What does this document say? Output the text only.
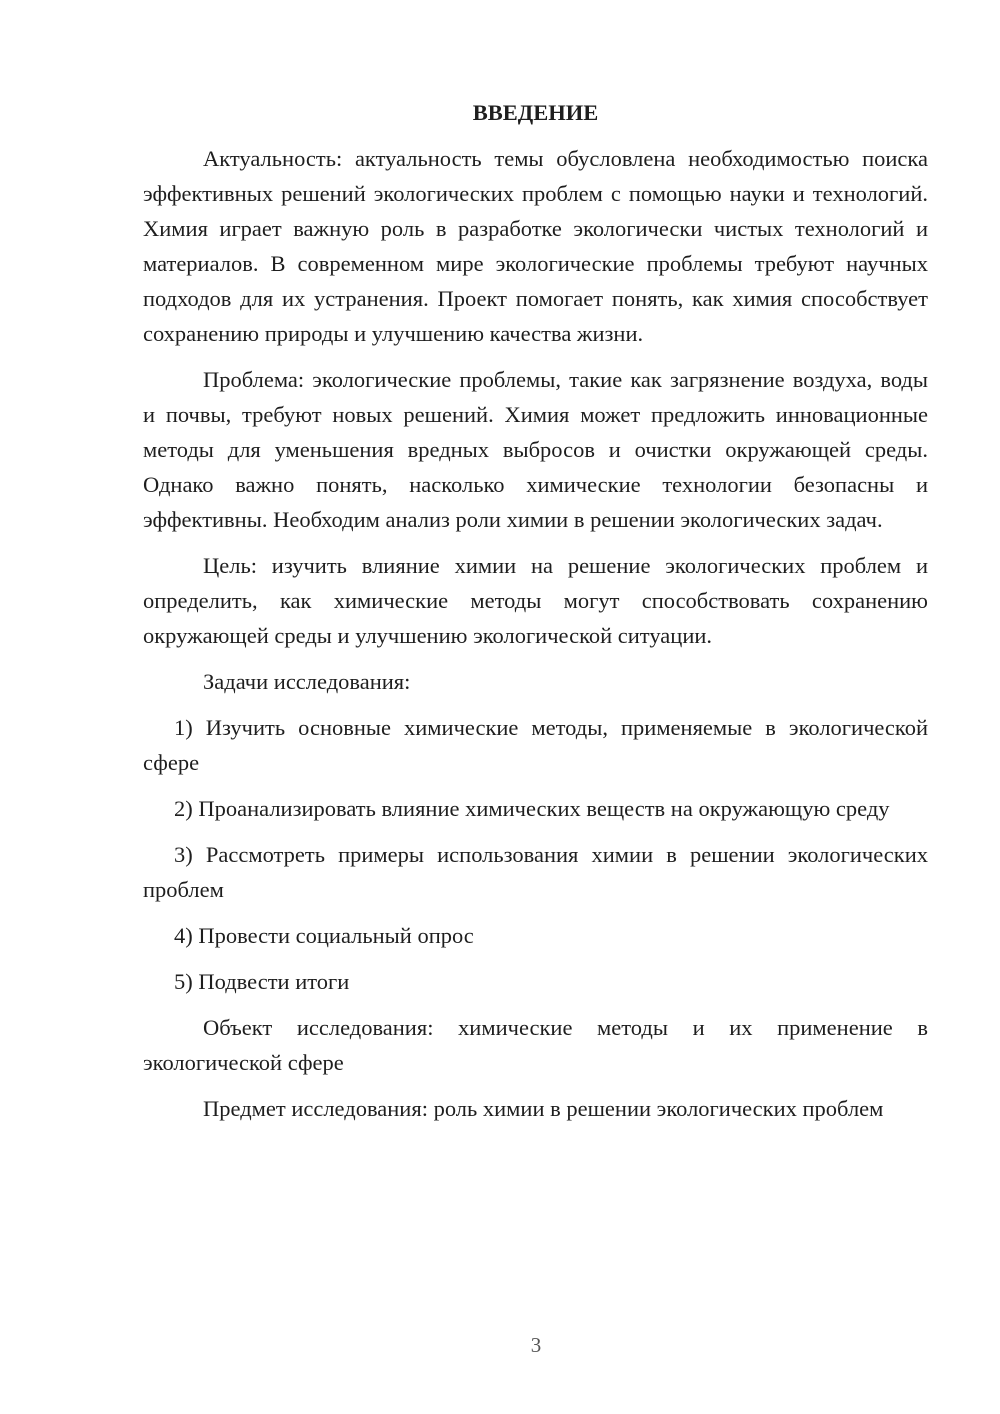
ВВЕДЕНИЕ

Актуальность: актуальность темы обусловлена необходимостью поиска эффективных решений экологических проблем с помощью науки и технологий. Химия играет важную роль в разработке экологически чистых технологий и материалов. В современном мире экологические проблемы требуют научных подходов для их устранения. Проект помогает понять, как химия способствует сохранению природы и улучшению качества жизни.

Проблема: экологические проблемы, такие как загрязнение воздуха, воды и почвы, требуют новых решений. Химия может предложить инновационные методы для уменьшения вредных выбросов и очистки окружающей среды. Однако важно понять, насколько химические технологии безопасны и эффективны. Необходим анализ роли химии в решении экологических задач.

Цель: изучить влияние химии на решение экологических проблем и определить, как химические методы могут способствовать сохранению окружающей среды и улучшению экологической ситуации.

Задачи исследования:

1) Изучить основные химические методы, применяемые в экологической сфере

2) Проанализировать влияние химических веществ на окружающую среду

3) Рассмотреть примеры использования химии в решении экологических проблем

4) Провести социальный опрос

5) Подвести итоги

Объект исследования: химические методы и их применение в экологической сфере

Предмет исследования: роль химии в решении экологических проблем

3
